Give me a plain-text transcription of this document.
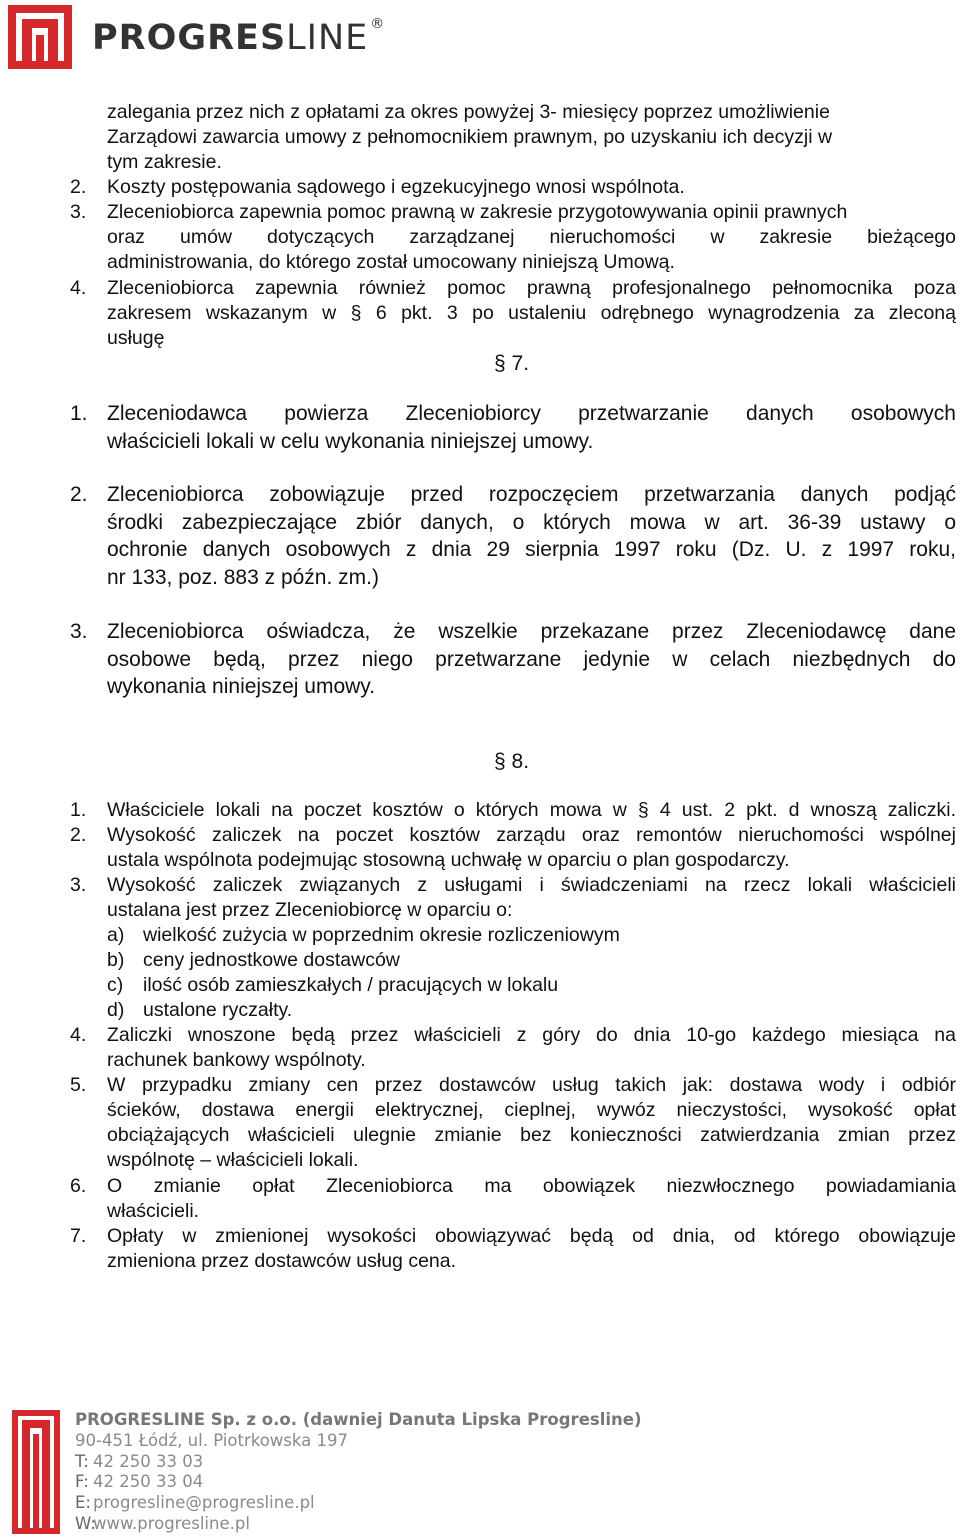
PROGRESLINE ®
zalegania przez nich z opłatami za okres powyżej 3- miesięcy poprzez umożliwienie
Zarządowi zawarcia umowy z pełnomocnikiem prawnym, po uzyskaniu ich decyzji w
tym zakresie.
2. Koszty postępowania sądowego i egzekucyjnego wnosi wspólnota.
3. Zleceniobiorca zapewnia pomoc prawną w zakresie przygotowywania opinii prawnych
oraz umów dotyczących zarządzanej nieruchomości w zakresie bieżącego
administrowania, do którego został umocowany niniejszą Umową.
4. Zleceniobiorca zapewnia również pomoc prawną profesjonalnego pełnomocnika poza
zakresem wskazanym w § 6 pkt. 3 po ustaleniu odrębnego wynagrodzenia za zleconą
usługę
§ 7.
1. Zleceniodawca powierza Zleceniobiorcy przetwarzanie danych osobowych
właścicieli lokali w celu wykonania niniejszej umowy.
2. Zleceniobiorca zobowiązuje przed rozpoczęciem przetwarzania danych podjąć
środki zabezpieczające zbiór danych, o których mowa w art. 36-39 ustawy o
ochronie danych osobowych z dnia 29 sierpnia 1997 roku (Dz. U. z 1997 roku,
nr 133, poz. 883 z późn. zm.)
3. Zleceniobiorca oświadcza, że wszelkie przekazane przez Zleceniodawcę dane
osobowe będą, przez niego przetwarzane jedynie w celach niezbędnych do
wykonania niniejszej umowy.
§ 8.
1. Właściciele lokali na poczet kosztów o których mowa w § 4 ust. 2 pkt. d wnoszą zaliczki.
2. Wysokość zaliczek na poczet kosztów zarządu oraz remontów nieruchomości wspólnej
ustala wspólnota podejmując stosowną uchwałę w oparciu o plan gospodarczy.
3. Wysokość zaliczek związanych z usługami i świadczeniami na rzecz lokali właścicieli
ustalana jest przez Zleceniobiorcę w oparciu o:
a) wielkość zużycia w poprzednim okresie rozliczeniowym
b) ceny jednostkowe dostawców
c) ilość osób zamieszkałych / pracujących w lokalu
d) ustalone ryczałty.
4. Zaliczki wnoszone będą przez właścicieli z góry do dnia 10-go każdego miesiąca na
rachunek bankowy wspólnoty.
5. W przypadku zmiany cen przez dostawców usług takich jak: dostawa wody i odbiór
ścieków, dostawa energii elektrycznej, cieplnej, wywóz nieczystości, wysokość opłat
obciążających właścicieli ulegnie zmianie bez konieczności zatwierdzania zmian przez
wspólnotę – właścicieli lokali.
6. O zmianie opłat Zleceniobiorca ma obowiązek niezwłocznego powiadamiania
właścicieli.
7. Opłaty w zmienionej wysokości obowiązywać będą od dnia, od którego obowiązuje
zmieniona przez dostawców usług cena.
PROGRESLINE Sp. z o.o. (dawniej Danuta Lipska Progresline)
90-451 Łódź, ul. Piotrkowska 197
T: 42 250 33 03
F: 42 250 33 04
E: progresline@progresline.pl
W:www.progresline.pl
